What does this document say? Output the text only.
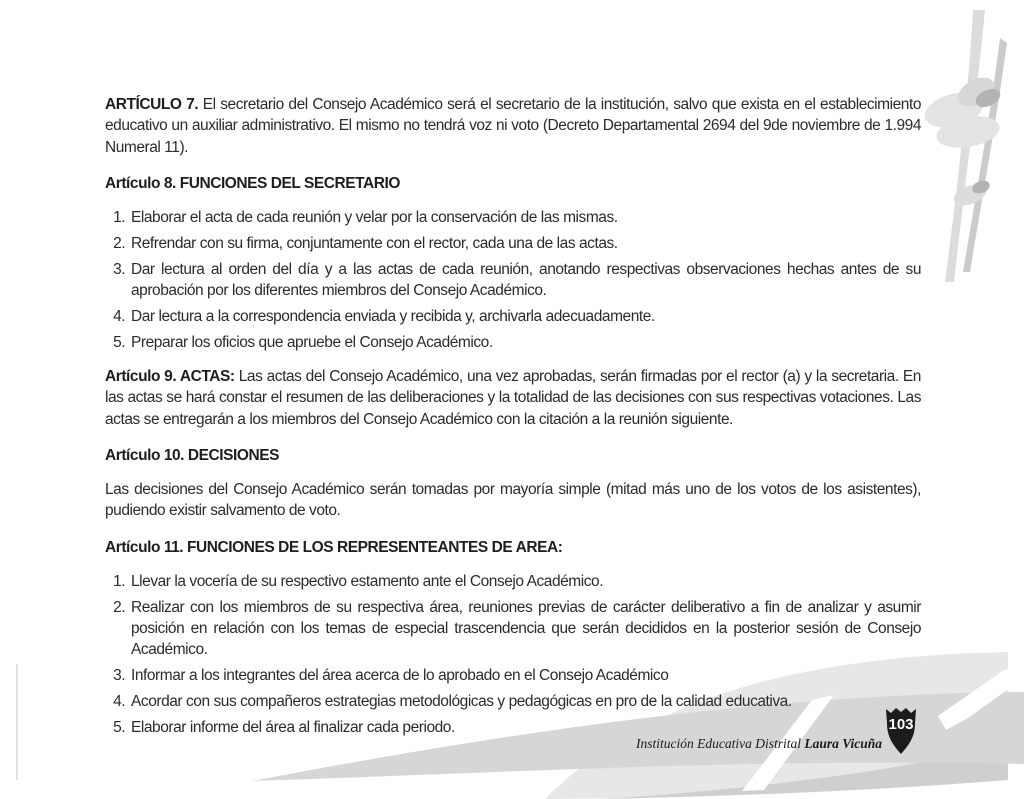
ARTÍCULO 7. El secretario del Consejo Académico será el secretario de la institución, salvo que exista en el establecimiento educativo un auxiliar administrativo. El mismo no tendrá voz ni voto (Decreto Departamental 2694 del 9de noviembre de 1.994 Numeral 11).

Artículo 8. FUNCIONES DEL SECRETARIO
1. Elaborar el acta de cada reunión y velar por la conservación de las mismas.
2. Refrendar con su firma, conjuntamente con el rector, cada una de las actas.
3. Dar lectura al orden del día y a las actas de cada reunión, anotando respectivas observaciones hechas antes de su aprobación por los diferentes miembros del Consejo Académico.
4. Dar lectura a la correspondencia enviada y recibida y, archivarla adecuadamente.
5. Preparar los oficios que apruebe el Consejo Académico.

Artículo 9. ACTAS: Las actas del Consejo Académico, una vez aprobadas, serán firmadas por el rector (a) y la secretaria. En las actas se hará constar el resumen de las deliberaciones y la totalidad de las decisiones con sus respectivas votaciones. Las actas se entregarán a los miembros del Consejo Académico con la citación a la reunión siguiente.

Artículo 10. DECISIONES

Las decisiones del Consejo Académico serán tomadas por mayoría simple (mitad más uno de los votos de los asistentes), pudiendo existir salvamento de voto.

Artículo 11. FUNCIONES DE LOS REPRESENTEANTES DE AREA:
1. Llevar la vocería de su respectivo estamento ante el Consejo Académico.
2. Realizar con los miembros de su respectiva área, reuniones previas de carácter deliberativo a fin de analizar y asumir posición en relación con los temas de especial trascendencia que serán decididos en la posterior sesión de Consejo Académico.
3. Informar a los integrantes del área acerca de lo aprobado en el Consejo Académico
4. Acordar con sus compañeros estrategias metodológicas y pedagógicas en pro de la calidad educativa.
5. Elaborar informe del área al finalizar cada periodo.
Institución Educativa Distrital Laura Vicuña
103
